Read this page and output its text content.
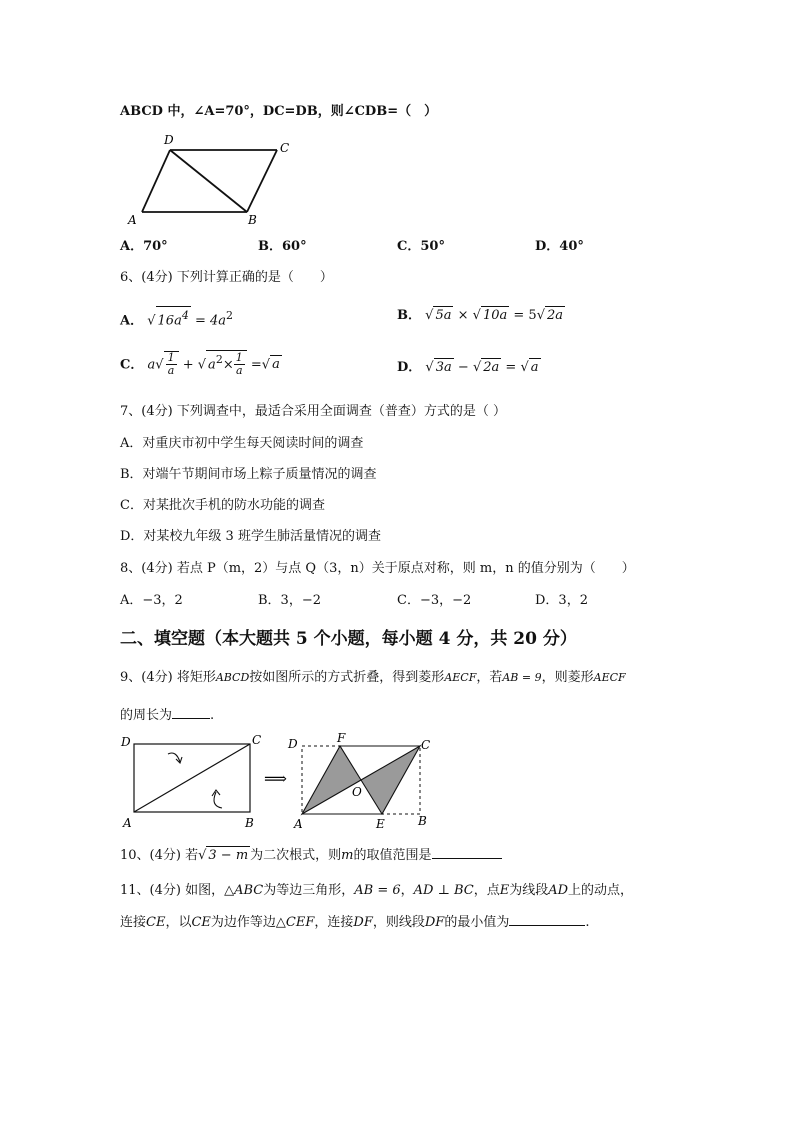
ABCD 中，∠A=70°，DC=DB，则∠CDB=（　）
D
C
A	B
A．70°	B．60°	C．50°	D．40°
6、(4分) 下列计算正确的是（　　）
A． √ $16a^4 = 4a^2$	B． √ 5a × √ 10a = 5√ 2a
C． $a√ \frac{1}{a}$ + √ $a^2\times \frac{1}{a}$ =√ a	D． √ 3a − √ 2a = √ a
7、(4分) 下列调查中，最适合采用全面调查（普查）方式的是（ ）
A．对重庆市初中学生每天阅读时间的调查
B．对端午节期间市场上粽子质量情况的调查
C．对某批次手机的防水功能的调查
D．对某校九年级 3 班学生肺活量情况的调查
8、(4分) 若点 P（m，2）与点 Q（3，n）关于原点对称，则 m，n 的值分别为（　　）
A．−3，2	B．3，−2	C．−3，−2	D．3，2
二、填空题（本大题共 5 个小题，每小题 4 分，共 20 分）
9、(4分) 将矩形ABCD按如图所示的方式折叠，得到菱形AECF，若AB = 9，则菱形AECF
的周长为	.
D	C
A	B
⟹
D	F	C
O
A	E	B
10、(4分) 若√ 3 − m 为二次根式，则m的取值范围是
11、(4分) 如图，△ABC为等边三角形，AB = 6，AD ⊥ BC，点E为线段AD上的动点，
连接CE，以CE为边作等边△CEF，连接DF，则线段DF的最小值为	.
